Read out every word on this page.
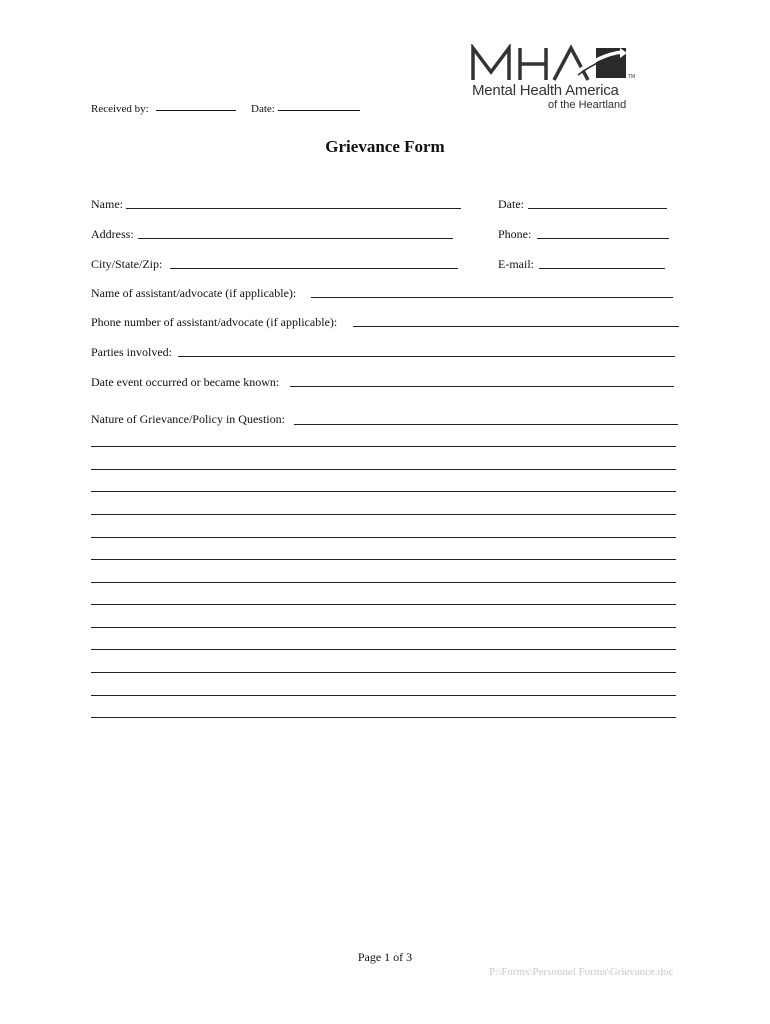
Received by:	Date:
TM
Mental Health America
of the Heartland
Grievance Form
Name:	Date:
Address:	Phone:
City/State/Zip:	E-mail:
Name of assistant/advocate (if applicable):
Phone number of assistant/advocate (if applicable):
Parties involved:
Date event occurred or became known:
Nature of Grievance/Policy in Question:
Page 1 of 3
P:\Forms\Personnel Forms\Grievance.doc
